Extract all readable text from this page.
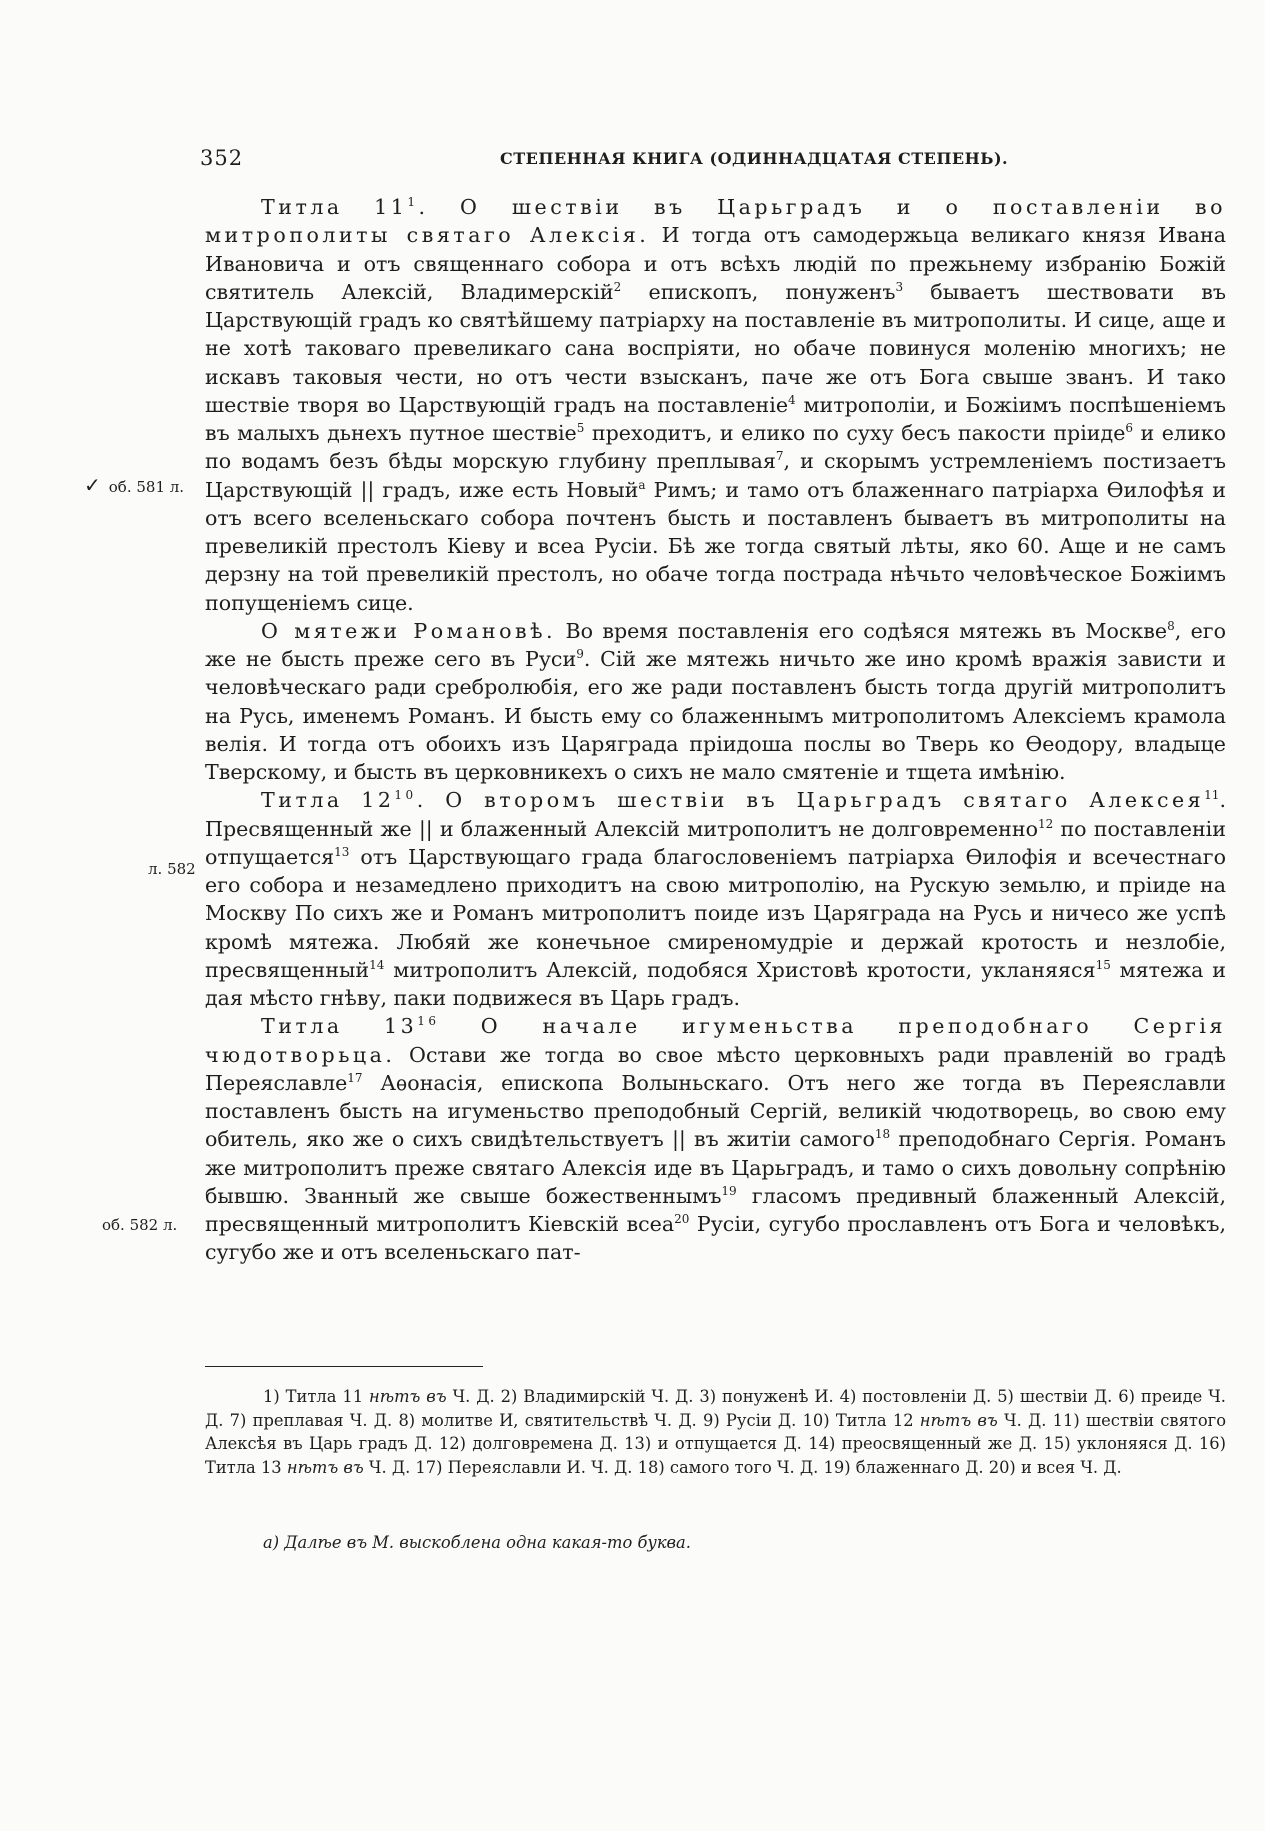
352	СТЕПЕННАЯ КНИГА (ОДИННАДЦАТАЯ СТЕПЕНЬ).
✓ об. 581 л.
л. 582
об. 582 л.

Титла $11^1$. О шествіи въ Царьградъ и о поставленіи во митрополиты святаго Алексія. И тогда отъ самодержьца великаго князя Ивана Ивановича и отъ священнаго собора и отъ всѣхъ людій по прежьнему избранію Божій святитель Алексій, Владимерскій$^2$ епископъ, понуженъ$^3$ бываетъ шествовати въ Царствующій градъ ко святѣйшему патріарху на поставленіе въ митрополиты. И сице, аще и не хотѣ таковаго превеликаго сана воспріяти, но обаче повинуся моленію многихъ; не искавъ таковыя чести, но отъ чести взысканъ, паче же отъ Бога свыше званъ. И тако шествіе творя во Царствующій градъ на поставленіе$^4$ митрополіи, и Божіимъ поспѣшеніемъ въ малыхъ дьнехъ путное шествіе$^5$ преходитъ, и елико по суху бесъ пакости пріиде$^6$ и елико по водамъ безъ бѣды морскую глубину преплывая$^7$, и скорымъ устремленіемъ постизаетъ Царствующій || градъ, иже есть Новый$^а$ Римъ; и тамо отъ блаженнаго патріарха Ѳилофѣя и отъ всего вселеньскаго собора почтенъ бысть и поставленъ бываетъ въ митрополиты на превеликій престолъ Кіеву и всеа Русіи. Бѣ же тогда святый лѣты, яко 60. Аще и не самъ дерзну на той превеликій престолъ, но обаче тогда пострада нѣчьто человѣческое Божіимъ попущеніемъ сице.

О мятежи Романовѣ. Во время поставленія его содѣяся мятежь въ Москве$^8$, его же не бысть преже сего въ Руси$^9$. Сій же мятежь ничьто же ино кромѣ вражія зависти и человѣческаго ради сребролюбія, его же ради поставленъ бысть тогда другій митрополитъ на Русь, именемъ Романъ. И бысть ему со блаженнымъ митрополитомъ Алексіемъ крамола велія. И тогда отъ обоихъ изъ Царяграда пріидоша послы во Тверь ко Ѳеодору, владыце Тверскому, и бысть въ церковникехъ о сихъ не мало смятеніе и тщета имѣнію.

Титла $12^{10}$. О второмъ шествіи въ Царьградъ святаго Алексея$^{11}$. Пресвященный же || и блаженный Алексій митрополитъ не долговременно$^{12}$ по поставленіи отпущается$^{13}$ отъ Царствующаго града благословеніемъ патріарха Ѳилофія и всечестнаго его собора и незамедлено приходитъ на свою митрополію, на Рускую земьлю, и пріиде на Москву По сихъ же и Романъ митрополитъ поиде изъ Царяграда на Русь и ничесо же успѣ кромѣ мятежа. Любяй же конечьное смиреномудріе и держай кротость и незлобіе, пресвященный$^{14}$ митрополитъ Алексій, подобяся Христовѣ кротости, укланяяся$^{15}$ мятежа и дая мѣсто гнѣву, паки подвижеся въ Царь градъ.

Титла $13^{16}$ О начале игуменьства преподобнаго Сергія чюдотворьца. Остави же тогда во свое мѣсто церковныхъ ради правленій во градѣ Переяславле$^{17}$ Аѳонасія, епископа Волыньскаго. Отъ него же тогда въ Переяславли поставленъ бысть на игуменьство преподобный Сергій, великій чюдотворець, во свою ему обитель, яко же о сихъ свидѣтельствуетъ || въ житіи самого$^{18}$ преподобнаго Сергія. Романъ же митрополитъ преже святаго Алексія иде въ Царьградъ, и тамо о сихъ довольну сопрѣнію бывшю. Званный же свыше божественнымъ$^{19}$ гласомъ предивный блаженный Алексій, пресвященный митрополитъ Кіевскій всеа$^{20}$ Русіи, сугубо прославленъ отъ Бога и человѣкъ, сугубо же и отъ вселеньскаго пат-

1) Титла 11 нѣтъ въ Ч. Д. 2) Владимирскій Ч. Д. 3) понуженѣ И. 4) постовленіи Д. 5) шествіи Д. 6) преиде Ч. Д. 7) преплавая Ч. Д. 8) молитве И, святительствѣ Ч. Д. 9) Русіи Д. 10) Титла 12 нѣтъ въ Ч. Д. 11) шествіи святого Алексѣя въ Царь градъ Д. 12) долговремена Д. 13) и отпущается Д. 14) преосвященный же Д. 15) уклоняяся Д. 16) Титла 13 нѣтъ въ Ч. Д. 17) Переяславли И. Ч. Д. 18) самого того Ч. Д. 19) блаженнаго Д. 20) и всея Ч. Д.

а) Далѣе въ М. выскоблена одна какая-то буква.
